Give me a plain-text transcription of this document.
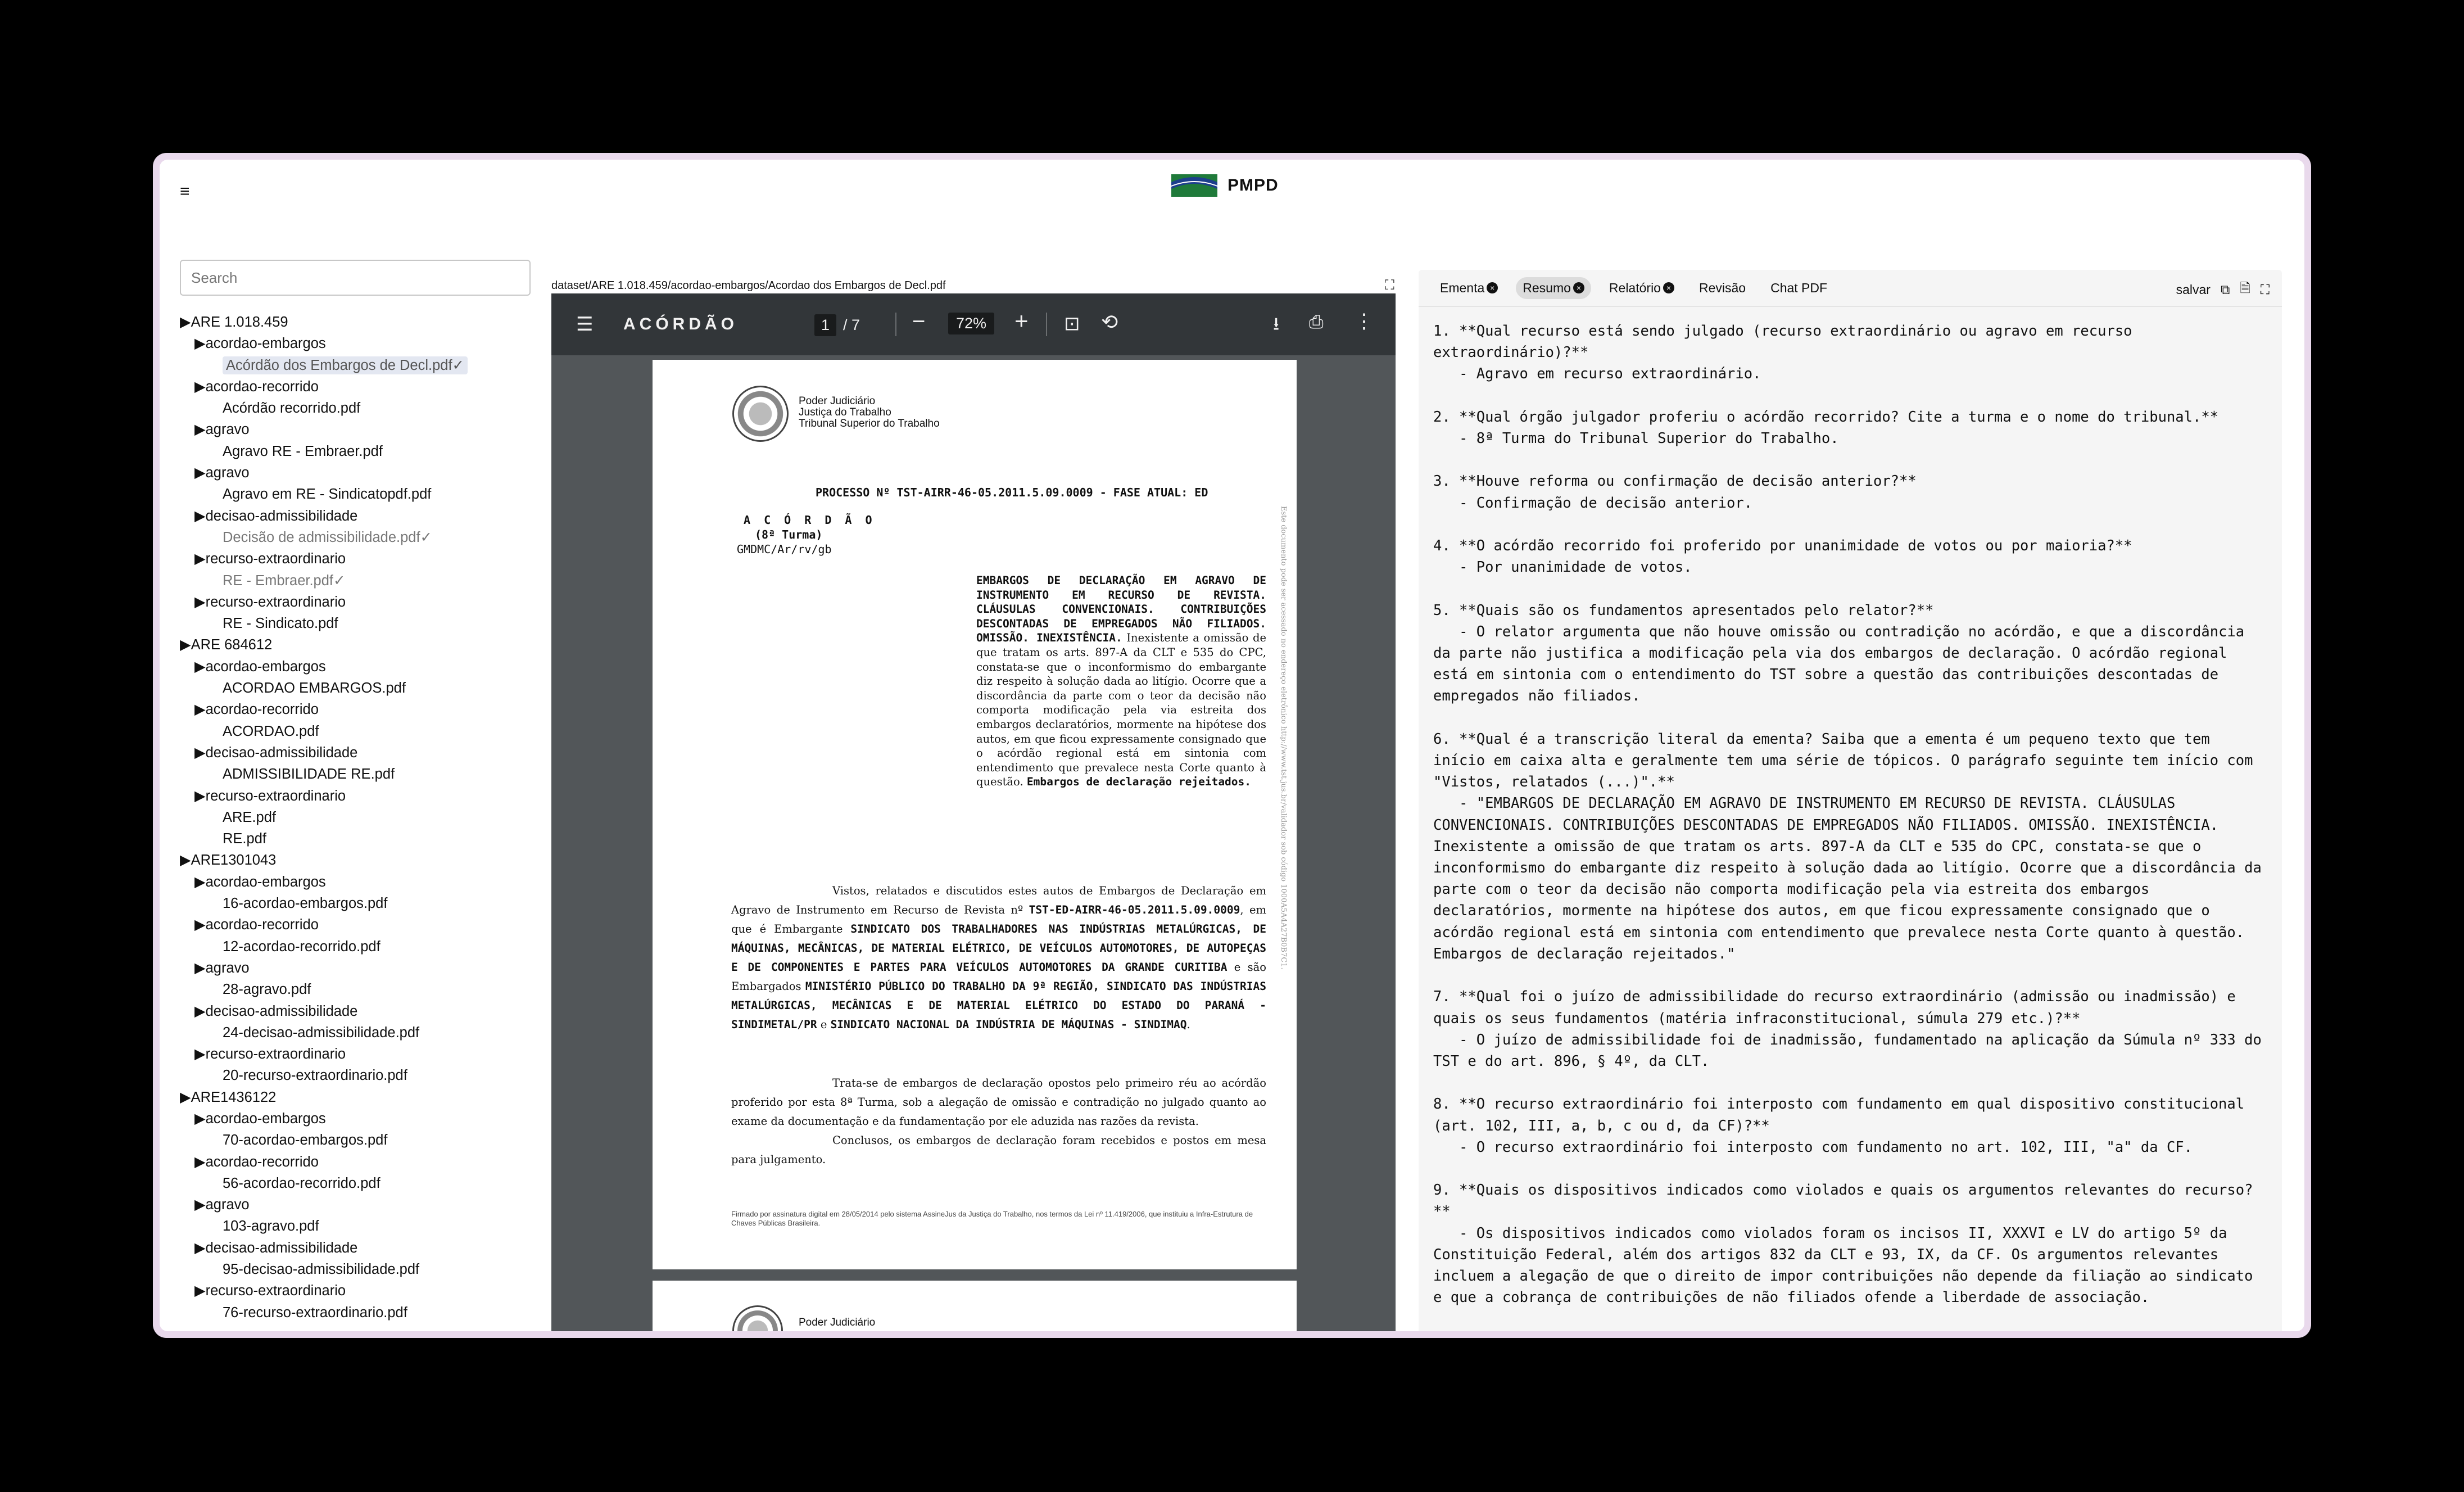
≡	PMPD
Search
▶ARE 1.018.459
▶acordao-embargos
Acórdão dos Embargos de Decl.pdf✓
▶acordao-recorrido
Acórdão recorrido.pdf
▶agravo
Agravo RE - Embraer.pdf
▶agravo
Agravo em RE - Sindicatopdf.pdf
▶decisao-admissibilidade
Decisão de admissibilidade.pdf✓
▶recurso-extraordinario
RE - Embraer.pdf✓
▶recurso-extraordinario
RE - Sindicato.pdf
▶ARE 684612
▶acordao-embargos
ACORDAO EMBARGOS.pdf
▶acordao-recorrido
ACORDAO.pdf
▶decisao-admissibilidade
ADMISSIBILIDADE RE.pdf
▶recurso-extraordinario
ARE.pdf
RE.pdf
▶ARE1301043
▶acordao-embargos
16-acordao-embargos.pdf
▶acordao-recorrido
12-acordao-recorrido.pdf
▶agravo
28-agravo.pdf
▶decisao-admissibilidade
24-decisao-admissibilidade.pdf
▶recurso-extraordinario
20-recurso-extraordinario.pdf
▶ARE1436122
▶acordao-embargos
70-acordao-embargos.pdf
▶acordao-recorrido
56-acordao-recorrido.pdf
▶agravo
103-agravo.pdf
▶decisao-admissibilidade
95-decisao-admissibilidade.pdf
▶recurso-extraordinario
76-recurso-extraordinario.pdf
dataset/ARE 1.018.459/acordao-embargos/Acordao dos Embargos de Decl.pdf	⛶
☰ ACÓRDÃO	1 / 7 −	72%	+ ⊡ ⟲	⭳ ⎙ ⋮
Poder Judiciário
Justiça do Trabalho
Tribunal Superior do Trabalho
PROCESSO Nº TST-AIRR-46-05.2011.5.09.0009 - FASE ATUAL: ED
A C Ó R D Ã O
(8ª Turma)
GMDMC/Ar/rv/gb
EMBARGOS DE DECLARAÇÃO EM AGRAVO DE INSTRUMENTO EM RECURSO DE REVISTA. CLÁUSULAS CONVENCIONAIS. CONTRIBUIÇÕES DESCONTADAS DE EMPREGADOS NÃO FILIADOS. OMISSÃO. INEXISTÊNCIA. Inexistente a omissão de que tratam os arts. 897-A da CLT e 535 do CPC, constata-se que o inconformismo do embargante diz respeito à solução dada ao litígio. Ocorre que a discordância da parte com o teor da decisão não comporta modificação pela via estreita dos embargos declaratórios, mormente na hipótese dos autos, em que ficou expressamente consignado que o acórdão regional está em sintonia com entendimento que prevalece nesta Corte quanto à questão. Embargos de declaração rejeitados.
Vistos, relatados e discutidos estes autos de Embargos de Declaração em Agravo de Instrumento em Recurso de Revista nº TST-ED-AIRR-46-05.2011.5.09.0009, em que é Embargante SINDICATO DOS TRABALHADORES NAS INDÚSTRIAS METALÚRGICAS, DE MÁQUINAS, MECÂNICAS, DE MATERIAL ELÉTRICO, DE VEÍCULOS AUTOMOTORES, DE AUTOPEÇAS E DE COMPONENTES E PARTES PARA VEÍCULOS AUTOMOTORES DA GRANDE CURITIBA e são Embargados MINISTÉRIO PÚBLICO DO TRABALHO DA 9ª REGIÃO, SINDICATO DAS INDÚSTRIAS METALÚRGICAS, MECÂNICAS E DE MATERIAL ELÉTRICO DO ESTADO DO PARANÁ - SINDIMETAL/PR e SINDICATO NACIONAL DA INDÚSTRIA DE MÁQUINAS - SINDIMAQ.
Trata-se de embargos de declaração opostos pelo primeiro réu ao acórdão proferido por esta 8ª Turma, sob a alegação de omissão e contradição no julgado quanto ao exame da documentação e da fundamentação por ele aduzida nas razões da revista.
Conclusos, os embargos de declaração foram recebidos e postos em mesa para julgamento.
Firmado por assinatura digital em 28/05/2014 pelo sistema AssineJus da Justiça do Trabalho, nos termos da Lei nº 11.419/2006, que instituiu a Infra-Estrutura de Chaves Públicas Brasileira.
Este documento pode ser acessado no endereço eletrônico http://www.tst.jus.br/validador sob código 1000A5A4A27B0B7C1.
Poder Judiciário
Ementa × Resumo × Relatório × Revisão Chat PDF	salvar ⧉ 🗎 ⛶
1. **Qual recurso está sendo julgado (recurso extraordinário ou agravo em recurso
extraordinário)?**
- Agravo em recurso extraordinário.

2. **Qual órgão julgador proferiu o acórdão recorrido? Cite a turma e o nome do tribunal.**
- 8ª Turma do Tribunal Superior do Trabalho.

3. **Houve reforma ou confirmação de decisão anterior?**
- Confirmação de decisão anterior.

4. **O acórdão recorrido foi proferido por unanimidade de votos ou por maioria?**
- Por unanimidade de votos.

5. **Quais são os fundamentos apresentados pelo relator?**
- O relator argumenta que não houve omissão ou contradição no acórdão, e que a discordância
da parte não justifica a modificação pela via dos embargos de declaração. O acórdão regional
está em sintonia com o entendimento do TST sobre a questão das contribuições descontadas de
empregados não filiados.

6. **Qual é a transcrição literal da ementa? Saiba que a ementa é um pequeno texto que tem
início em caixa alta e geralmente tem uma série de tópicos. O parágrafo seguinte tem início com
"Vistos, relatados (...)".**
- "EMBARGOS DE DECLARAÇÃO EM AGRAVO DE INSTRUMENTO EM RECURSO DE REVISTA. CLÁUSULAS
CONVENCIONAIS. CONTRIBUIÇÕES DESCONTADAS DE EMPREGADOS NÃO FILIADOS. OMISSÃO. INEXISTÊNCIA.
Inexistente a omissão de que tratam os arts. 897-A da CLT e 535 do CPC, constata-se que o
inconformismo do embargante diz respeito à solução dada ao litígio. Ocorre que a discordância da
parte com o teor da decisão não comporta modificação pela via estreita dos embargos
declaratórios, mormente na hipótese dos autos, em que ficou expressamente consignado que o
acórdão regional está em sintonia com entendimento que prevalece nesta Corte quanto à questão.
Embargos de declaração rejeitados."

7. **Qual foi o juízo de admissibilidade do recurso extraordinário (admissão ou inadmissão) e
quais os seus fundamentos (matéria infraconstitucional, súmula 279 etc.)?**
- O juízo de admissibilidade foi de inadmissão, fundamentado na aplicação da Súmula nº 333 do
TST e do art. 896, § 4º, da CLT.

8. **O recurso extraordinário foi interposto com fundamento em qual dispositivo constitucional
(art. 102, III, a, b, c ou d, da CF)?**
- O recurso extraordinário foi interposto com fundamento no art. 102, III, "a" da CF.

9. **Quais os dispositivos indicados como violados e quais os argumentos relevantes do recurso?
**
- Os dispositivos indicados como violados foram os incisos II, XXXVI e LV do artigo 5º da
Constituição Federal, além dos artigos 832 da CLT e 93, IX, da CF. Os argumentos relevantes
incluem a alegação de que o direito de impor contribuições não depende da filiação ao sindicato
e que a cobrança de contribuições de não filiados ofende a liberdade de associação.
